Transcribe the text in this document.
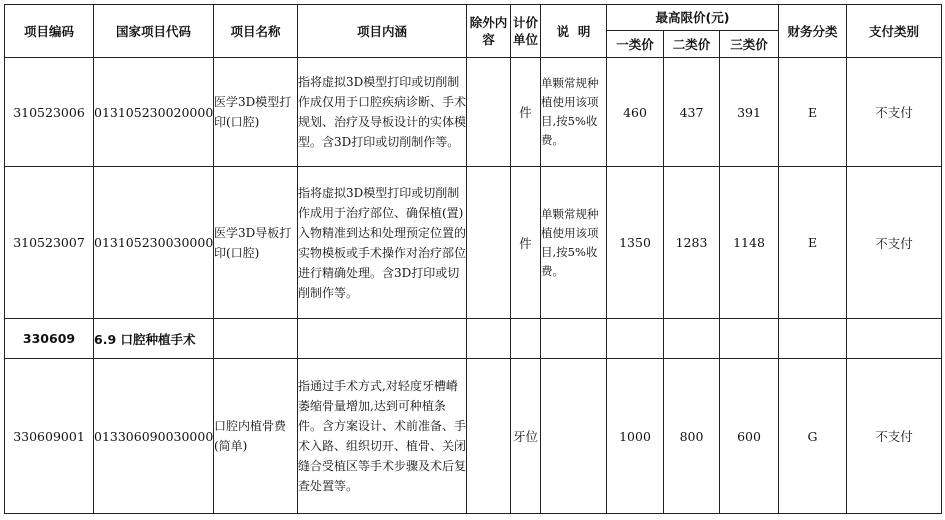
项目编码	国家项目代码	项目名称	项目内涵	除外内容	计价单位	说  明	最高限价(元)			财务分类	支付类别
							一类价	二类价	三类价		
310523006	013105230020000	医学3D模型打印(口腔)	指将虚拟3D模型打印或切削制作成仅用于口腔疾病诊断、手术规划、治疗及导板设计的实体模型。含3D打印或切削制作等。		件	单颗常规种植使用该项目,按5%收费。	460	437	391	E	不支付
310523007	013105230030000	医学3D导板打印(口腔)	指将虚拟3D模型打印或切削制作成用于治疗部位、确保植(置)入物精准到达和处理预定位置的实物模板或手术操作对治疗部位进行精确处理。含3D打印或切削制作等。		件	单颗常规种植使用该项目,按5%收费。	1350	1283	1148	E	不支付
330609	6.9 口腔种植手术										
330609001	013306090030000	口腔内植骨费(简单)	指通过手术方式,对轻度牙槽嵴萎缩骨量增加,达到可种植条件。含方案设计、术前准备、手术入路、组织切开、植骨、关闭缝合受植区等手术步骤及术后复查处置等。		牙位		1000	800	600	G	不支付
